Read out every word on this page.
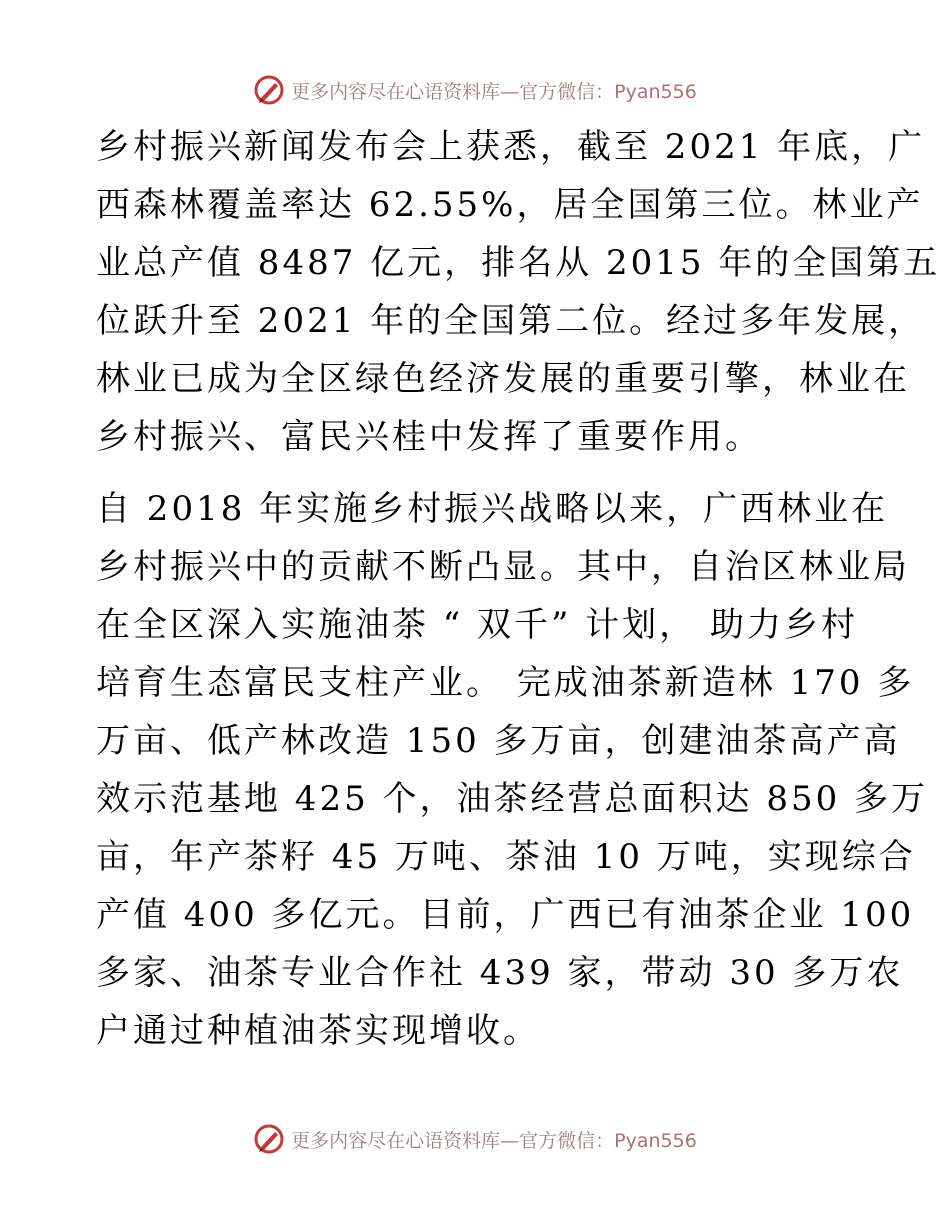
更多内容尽在心语资料库—官方微信：Pyan556
乡村振兴新闻发布会上获悉，截至 2021 年底，广
西森林覆盖率达 62.55%，居全国第三位。林业产
业总产值 8487 亿元，排名从 2015 年的全国第五
位跃升至 2021 年的全国第二位。经过多年发展，
林业已成为全区绿色经济发展的重要引擎，林业在
乡村振兴、富民兴桂中发挥了重要作用。
自 2018 年实施乡村振兴战略以来，广西林业在
乡村振兴中的贡献不断凸显。其中，自治区林业局
在全区深入实施油茶 “ 双千” 计划， 助力乡村
培育生态富民支柱产业。 完成油茶新造林 170 多
万亩、低产林改造 150 多万亩，创建油茶高产高
效示范基地 425 个，油茶经营总面积达 850 多万
亩，年产茶籽 45 万吨、茶油 10 万吨，实现综合
产值 400 多亿元。目前，广西已有油茶企业 100
多家、油茶专业合作社 439 家，带动 30 多万农
户通过种植油茶实现增收。
更多内容尽在心语资料库—官方微信：Pyan556
